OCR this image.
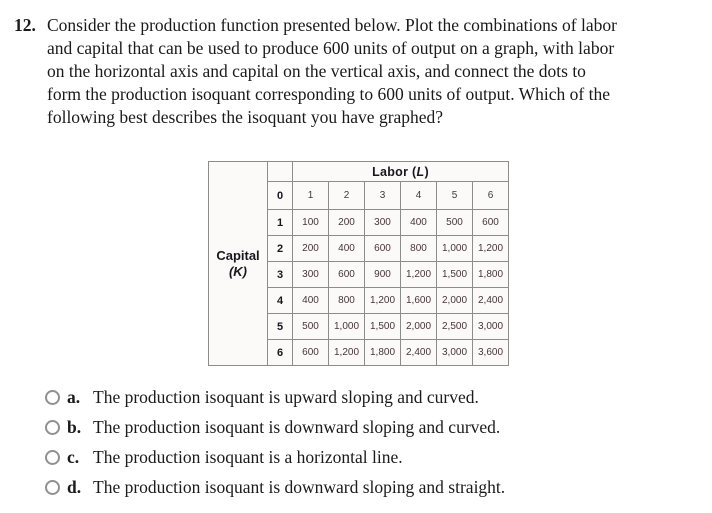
12. Consider the production function presented below. Plot the combinations of labor
and capital that can be used to produce 600 units of output on a graph, with labor
on the horizontal axis and capital on the vertical axis, and connect the dots to
form the production isoquant corresponding to 600 units of output. Which of the
following best describes the isoquant you have graphed?
Capital
(K)		Labor (L)					
	0	1	2	3	4	5	6
	1	100	200	300	400	500	600
	2	200	400	600	800	1,000	1,200
	3	300	600	900	1,200	1,500	1,800
	4	400	800	1,200	1,600	2,000	2,400
	5	500	1,000	1,500	2,000	2,500	3,000
	6	600	1,200	1,800	2,400	3,000	3,600
a. The production isoquant is upward sloping and curved.
b. The production isoquant is downward sloping and curved.
c. The production isoquant is a horizontal line.
d. The production isoquant is downward sloping and straight.
